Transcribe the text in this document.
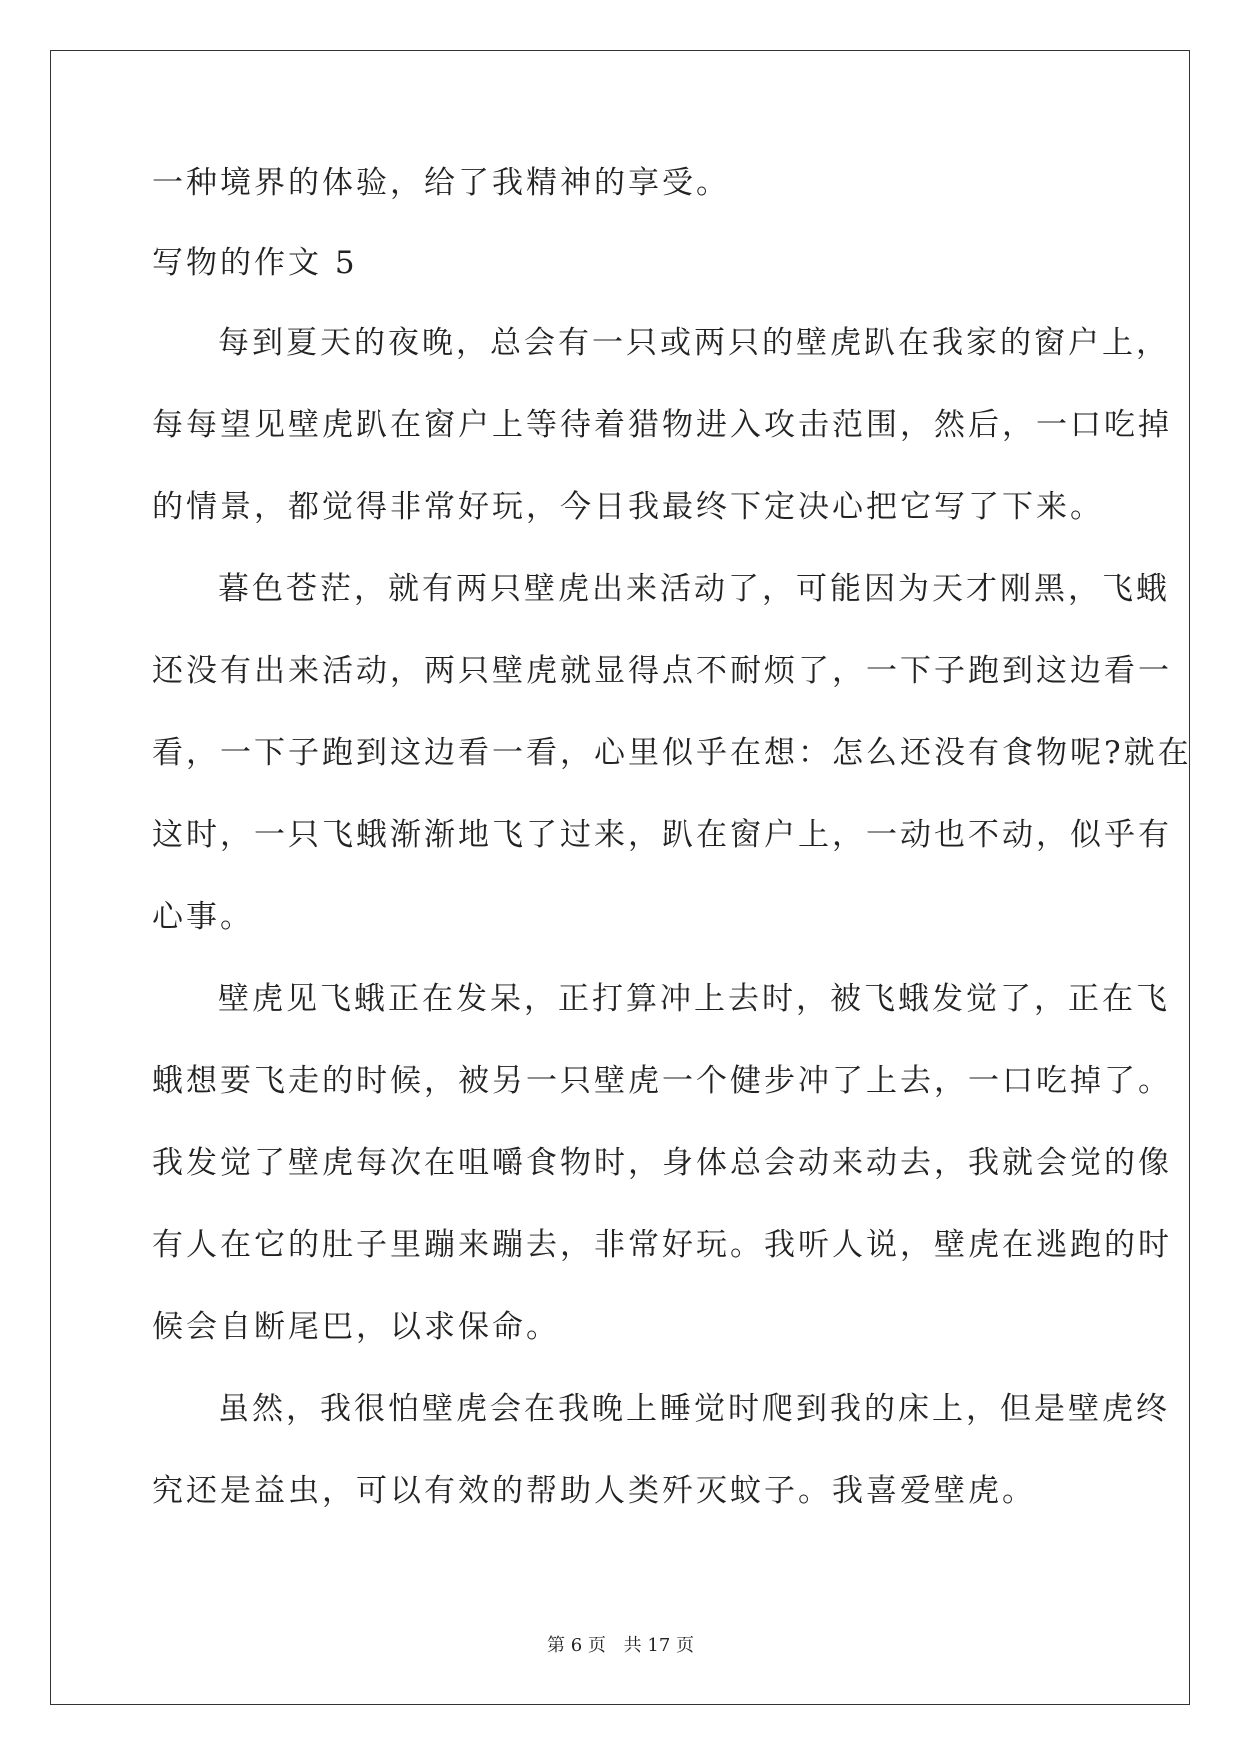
一种境界的体验，给了我精神的享受。
写物的作文 5
每到夏天的夜晚，总会有一只或两只的壁虎趴在我家的窗户上，
每每望见壁虎趴在窗户上等待着猎物进入攻击范围，然后，一口吃掉
的情景，都觉得非常好玩，今日我最终下定决心把它写了下来。
暮色苍茫，就有两只壁虎出来活动了，可能因为天才刚黑，飞蛾
还没有出来活动，两只壁虎就显得点不耐烦了，一下子跑到这边看一
看，一下子跑到这边看一看，心里似乎在想：怎么还没有食物呢?就在
这时，一只飞蛾渐渐地飞了过来，趴在窗户上，一动也不动，似乎有
心事。
壁虎见飞蛾正在发呆，正打算冲上去时，被飞蛾发觉了，正在飞
蛾想要飞走的时候，被另一只壁虎一个健步冲了上去，一口吃掉了。
我发觉了壁虎每次在咀嚼食物时，身体总会动来动去，我就会觉的像
有人在它的肚子里蹦来蹦去，非常好玩。我听人说，壁虎在逃跑的时
候会自断尾巴，以求保命。
虽然，我很怕壁虎会在我晚上睡觉时爬到我的床上，但是壁虎终
究还是益虫，可以有效的帮助人类歼灭蚊子。我喜爱壁虎。
第 6 页 共 17 页
